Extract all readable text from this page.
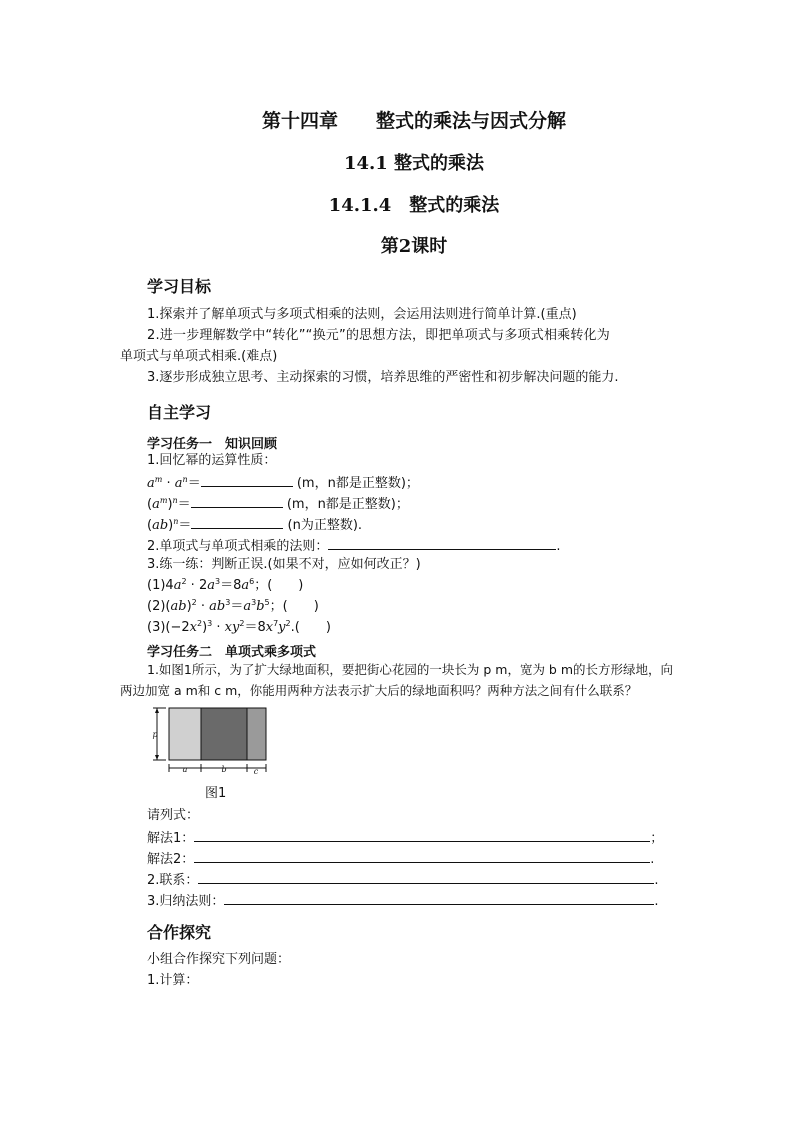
第十四章　　整式的乘法与因式分解
14.1 整式的乘法
14.1.4　整式的乘法
第2课时
学习目标
1.探索并了解单项式与多项式相乘的法则，会运用法则进行简单计算.(重点)
2.进一步理解数学中“转化”“换元”的思想方法，即把单项式与多项式相乘转化为
单项式与单项式相乘.(难点)
3.逐步形成独立思考、主动探索的习惯，培养思维的严密性和初步解决问题的能力.
自主学习
学习任务一　知识回顾
1.回忆幂的运算性质：
$a^m \cdot a^n=$	(m，n都是正整数)；
$(a^m)^n=$	(m，n都是正整数)；
(ab)$^n$＝	(n为正整数).
2.单项式与单项式相乘的法则：	.
3.练一练：判断正误.(如果不对，应如何改正？)
$(1)4a^2 \cdot 2a^3=8a^6$；(　　)
$(2)(ab)^2 \cdot ab^3=a^3b^5$；(　　)
$(3)(-2x^2)^3 \cdot xy^2=8x^7y^2$.(　　)
学习任务二　单项式乘多项式
1.如图1所示，为了扩大绿地面积，要把街心花园的一块长为 p m，宽为 b m的长方形绿地，向
两边加宽 a m和 c m，你能用两种方法表示扩大后的绿地面积吗？两种方法之间有什么联系？
p
a	b	c
图1
请列式：
解法1：	；
解法2：	.
2.联系：	.
3.归纳法则：	.
合作探究
小组合作探究下列问题：
1.计算：
